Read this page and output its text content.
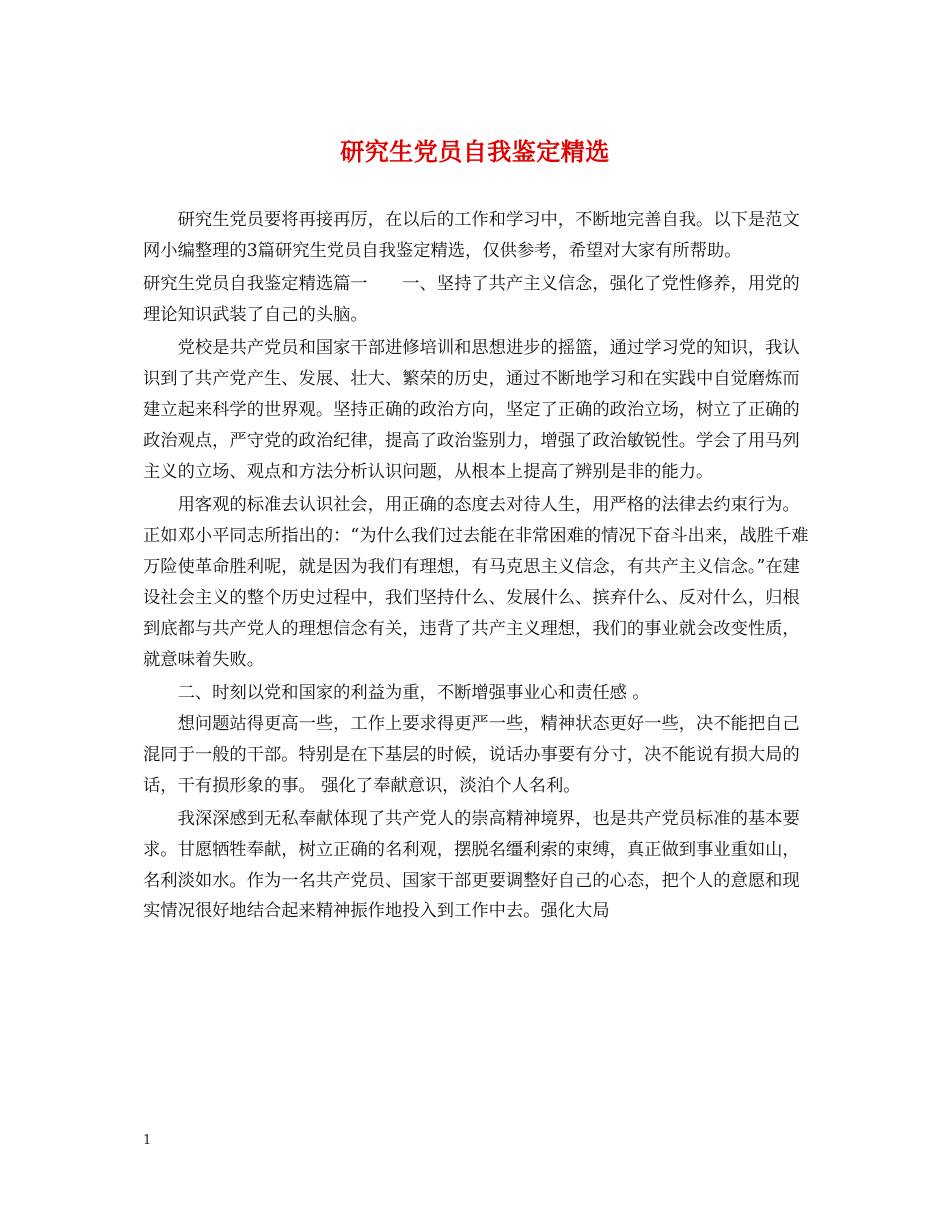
研究生党员自我鉴定精选

研究生党员要将再接再厉，在以后的工作和学习中，不断地完善自我。以下是范文网小编整理的3篇研究生党员自我鉴定精选，仅供参考，希望对大家有所帮助。

研究生党员自我鉴定精选篇一　　一、坚持了共产主义信念，强化了党性修养，用党的理论知识武装了自己的头脑。

党校是共产党员和国家干部进修培训和思想进步的摇篮，通过学习党的知识，我认识到了共产党产生、发展、壮大、繁荣的历史，通过不断地学习和在实践中自觉磨炼而建立起来科学的世界观。坚持正确的政治方向，坚定了正确的政治立场，树立了正确的政治观点，严守党的政治纪律，提高了政治鉴别力，增强了政治敏锐性。学会了用马列主义的立场、观点和方法分析认识问题，从根本上提高了辨别是非的能力。

用客观的标准去认识社会，用正确的态度去对待人生，用严格的法律去约束行为。正如邓小平同志所指出的：“为什么我们过去能在非常困难的情况下奋斗出来，战胜千难万险使革命胜利呢，就是因为我们有理想，有马克思主义信念，有共产主义信念。”在建设社会主义的整个历史过程中，我们坚持什么、发展什么、摈弃什么、反对什么，归根到底都与共产党人的理想信念有关，违背了共产主义理想，我们的事业就会改变性质，就意味着失败。

二、时刻以党和国家的利益为重，不断增强事业心和责任感 。

想问题站得更高一些，工作上要求得更严一些，精神状态更好一些，决不能把自己混同于一般的干部。特别是在下基层的时候，说话办事要有分寸，决不能说有损大局的话，干有损形象的事。 强化了奉献意识，淡泊个人名利。

我深深感到无私奉献体现了共产党人的崇高精神境界，也是共产党员标准的基本要求。甘愿牺牲奉献，树立正确的名利观，摆脱名缰利索的束缚，真正做到事业重如山，名利淡如水。作为一名共产党员、国家干部更要调整好自己的心态，把个人的意愿和现实情况很好地结合起来精神振作地投入到工作中去。强化大局

1
